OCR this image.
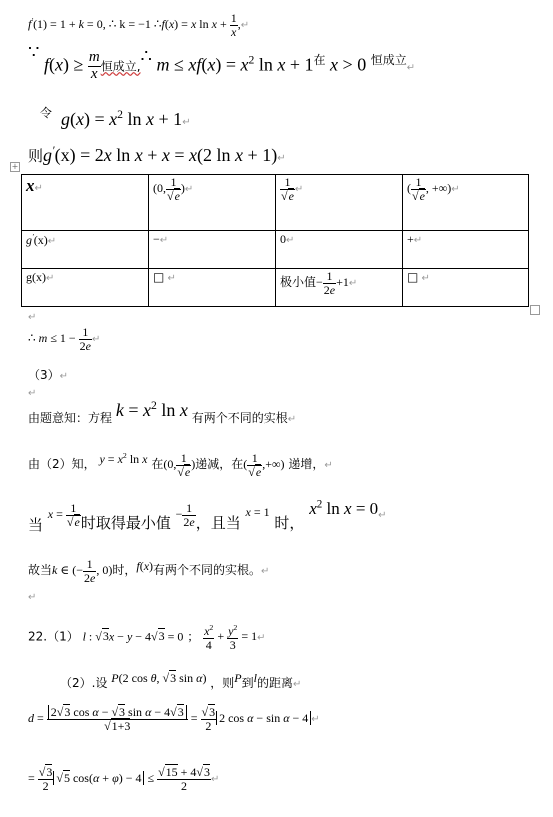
f′(1) = 1 + k = 0, ∴ k = −1 ∴f(x) = x $\ln x + \frac{1}{x}$ ,↵
∵ $f(x) \ge \frac{m}{x}$ 恒成立,∴ $m \le xf(x) = x^2$ $\ln x + 1^在$ x > 0 $^{恒成立}$↵
$^令$ $g(x) = x^2$ ln x + 1↵
则g′(x) = 2x ln x + x = x(2 ln x + 1)↵
+
x↵	(0, $\frac{1}{√e}$ )↵	$\frac{1}{√e}$ ↵	( $\frac{1}{√e}$ , +∞)↵
g′(x)↵	−↵	0↵	+↵
g(x)↵	□ ↵	极小值− $\frac{1}{2e}$ +1↵	□ ↵
↵
∴ $m \le 1 - \frac{1}{2e}$ ↵
（3）↵
↵
由题意知：方程 $k = x^2$ ln x 有两个不同的实根↵
由（2）知， $y = x^2$ ln x 在(0, $\frac{1}{√e}$ )递减，在( $\frac{1}{√e}$ ,+∞) 递增，↵
当 $x = \frac{1}{√e}$ 时取得最小值 − $\frac{1}{2e}$ ，且当 x = 1 时， $x^2$ ln x = 0↵
故当k ∈ (− $\frac{1}{2e}$ , 0)时，f(x)有两个不同的实根。↵
↵
22.（1） l : √3x − y − 4√3 = 0 ； $\frac{x^2}{4} + \frac{y^2}{3}$ = 1↵
（2）.设 P(2 cos θ, √3 sin α) ，则P到l的距离↵
$d = \frac{\text{2√3 cos α − √3 sin α − 4√3}}{√1+3} = \frac{√3}{2} 2$ cos α − sin α − 4 ↵
= $\frac{√3}{2} √5$ $\cos(\alpha + \varphi) - 4 \le \frac{√15 + 4√3}{2}$ ↵
